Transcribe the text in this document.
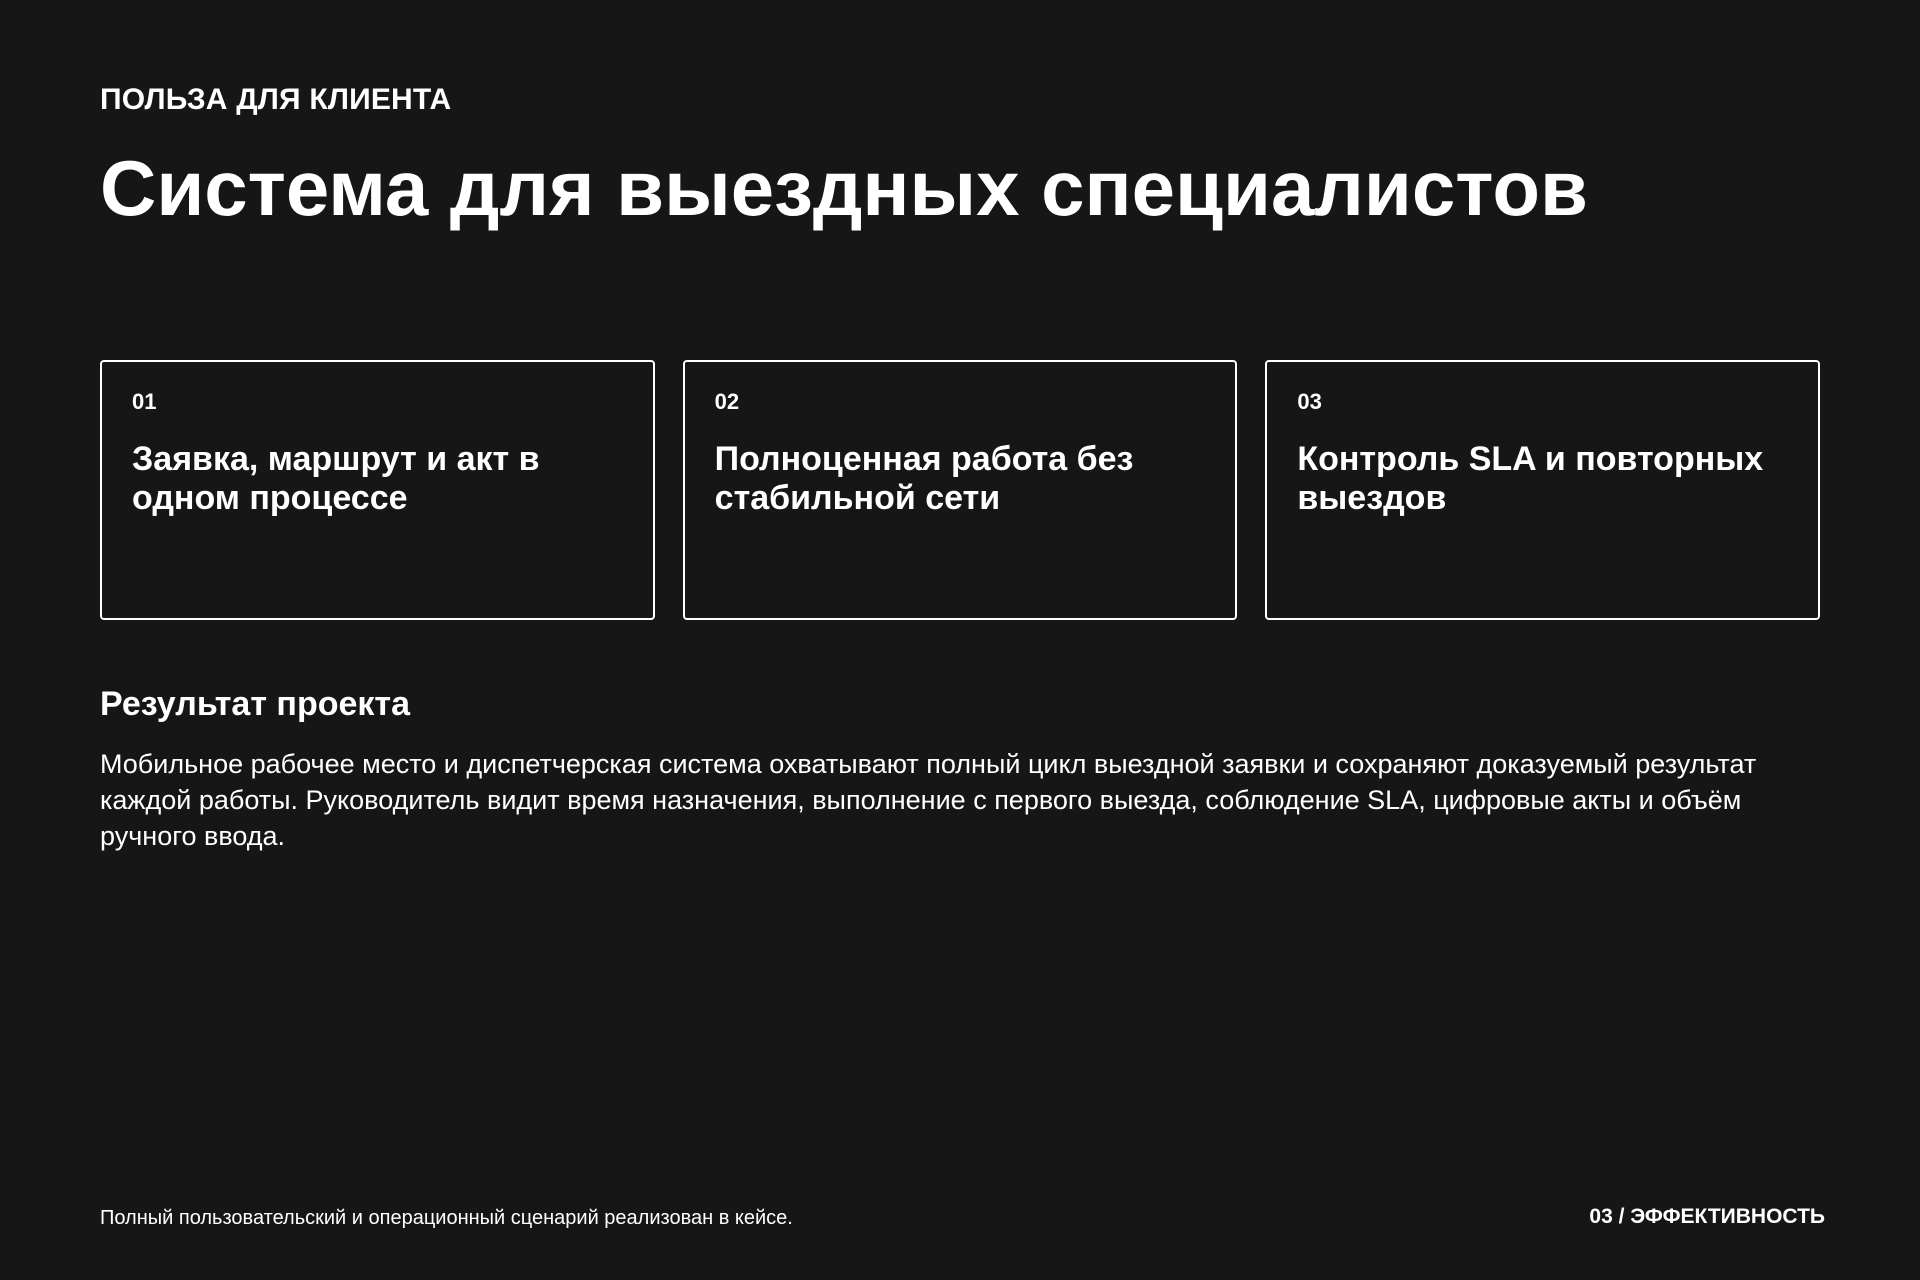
ПОЛЬЗА ДЛЯ КЛИЕНТА
Система для выездных специалистов
01
Заявка, маршрут и акт в одном процессе
02
Полноценная работа без стабильной сети
03
Контроль SLA и повторных выездов
Результат проекта

Мобильное рабочее место и диспетчерская система охватывают полный цикл выездной заявки и сохраняют доказуемый результат каждой работы. Руководитель видит время назначения, выполнение с первого выезда, соблюдение SLA, цифровые акты и объём ручного ввода.

Полный пользовательский и операционный сценарий реализован в кейсе.	03 / ЭФФЕКТИВНОСТЬ
